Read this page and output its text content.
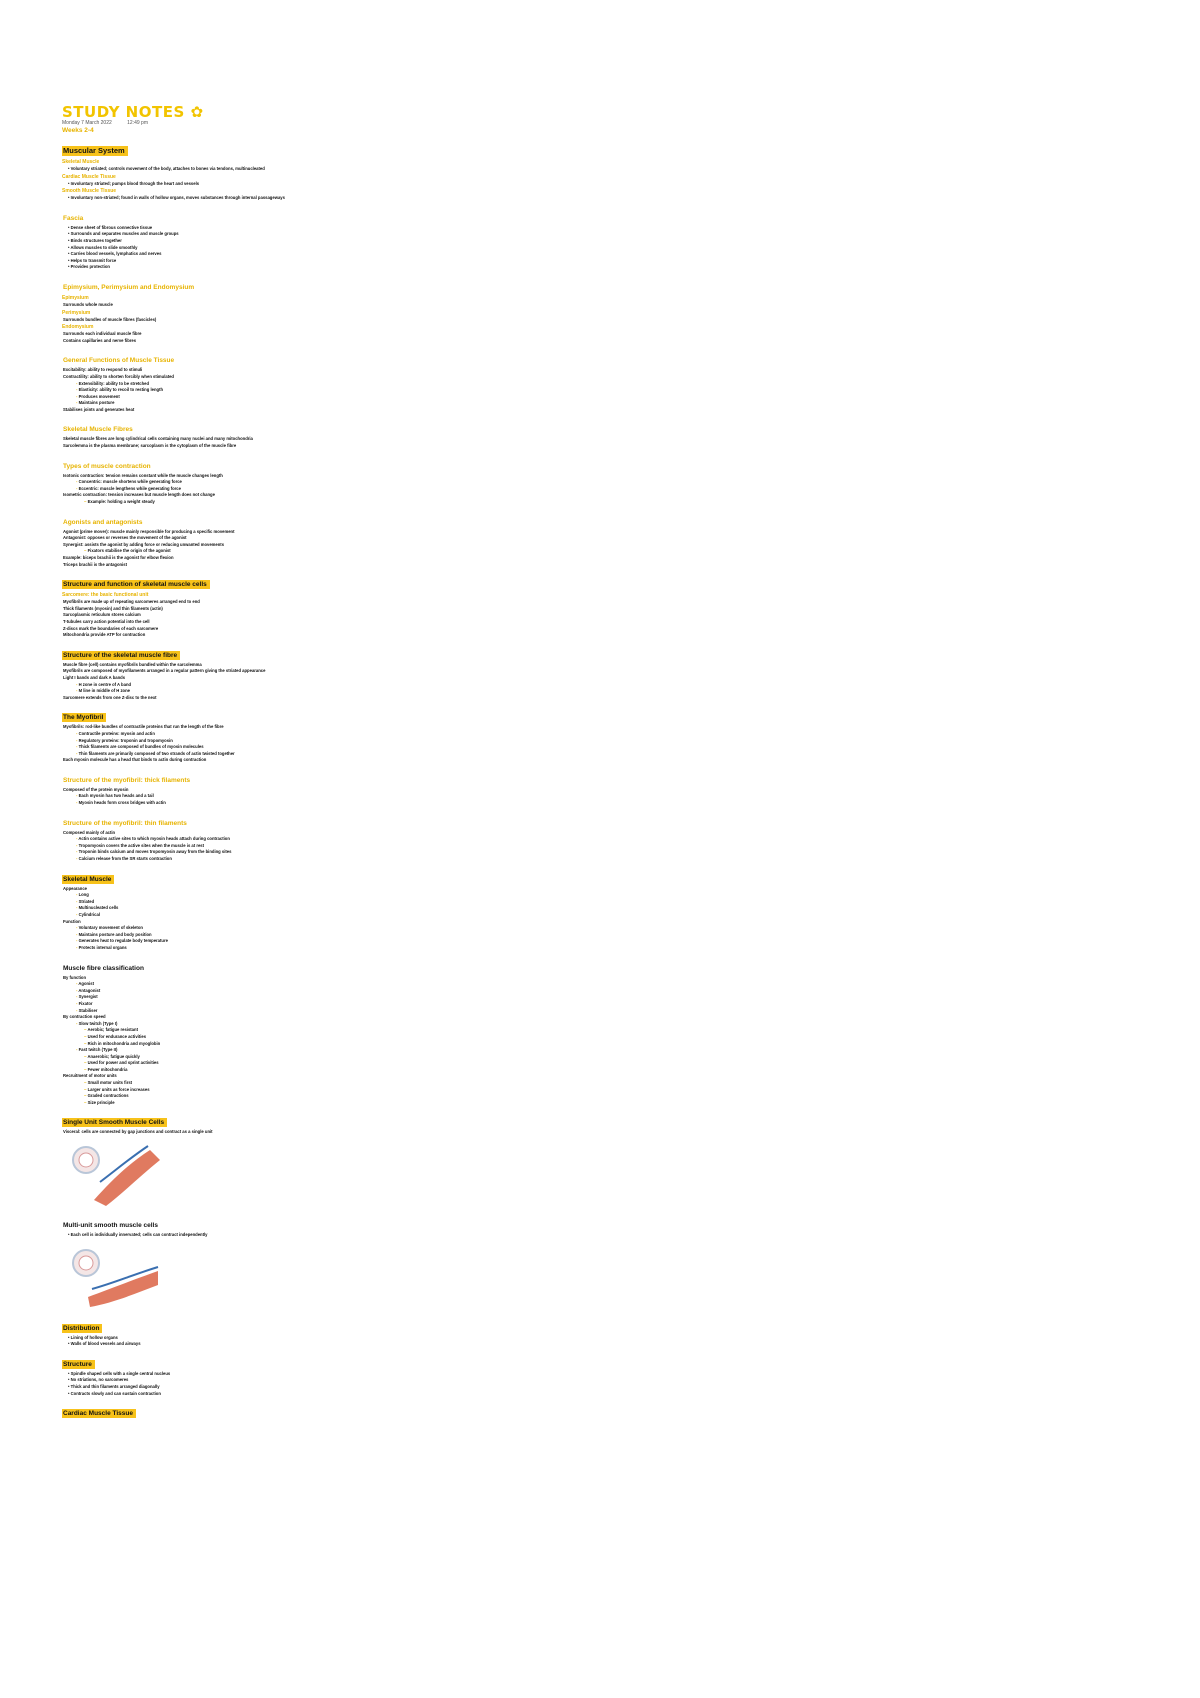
STUDY NOTES ✿
Monday 7 March 2022	12:49 pm
Weeks 2-4
Muscular System
Skeletal Muscle
• Voluntary striated; controls movement of the body, attaches to bones via tendons, multinucleated
Cardiac Muscle Tissue
• Involuntary striated; pumps blood through the heart and vessels
Smooth Muscle Tissue
• Involuntary non-striated; found in walls of hollow organs, moves substances through internal passageways
Fascia
• Dense sheet of fibrous connective tissue
• Surrounds and separates muscles and muscle groups
• Binds structures together
• Allows muscles to slide smoothly
• Carries blood vessels, lymphatics and nerves
• Helps to transmit force
• Provides protection
Epimysium, Perimysium and Endomysium
Epimysium
Surrounds whole muscle
Perimysium
Surrounds bundles of muscle fibres (fascicles)
Endomysium
Surrounds each individual muscle fibre
Contains capillaries and nerve fibres
General Functions of Muscle Tissue
Excitability: ability to respond to stimuli
Contractility: ability to shorten forcibly when stimulated
- Extensibility: ability to be stretched
- Elasticity: ability to recoil to resting length
- Produces movement
- Maintains posture
Stabilises joints and generates heat
Skeletal Muscle Fibres
Skeletal muscle fibres are long cylindrical cells containing many nuclei and many mitochondria
Sarcolemma is the plasma membrane; sarcoplasm is the cytoplasm of the muscle fibre
Types of muscle contraction
Isotonic contraction: tension remains constant while the muscle changes length
- Concentric: muscle shortens while generating force
- Eccentric: muscle lengthens while generating force
Isometric contraction: tension increases but muscle length does not change
~ Example: holding a weight steady
Agonists and antagonists
Agonist (prime mover): muscle mainly responsible for producing a specific movement
Antagonist: opposes or reverses the movement of the agonist
Synergist: assists the agonist by adding force or reducing unwanted movements
~ Fixators stabilise the origin of the agonist
Example: biceps brachii is the agonist for elbow flexion
Triceps brachii is the antagonist
Structure and function of skeletal muscle cells
Sarcomere: the basic functional unit
Myofibrils are made up of repeating sarcomeres arranged end to end
Thick filaments (myosin) and thin filaments (actin)
Sarcoplasmic reticulum stores calcium
T-tubules carry action potential into the cell
Z-discs mark the boundaries of each sarcomere
Mitochondria provide ATP for contraction
Structure of the skeletal muscle fibre
Muscle fibre (cell) contains myofibrils bundled within the sarcolemma
Myofibrils are composed of myofilaments arranged in a regular pattern giving the striated appearance
Light I bands and dark A bands
- H zone in centre of A band
- M line in middle of H zone
Sarcomere extends from one Z-disc to the next
The Myofibril
Myofibrils: rod-like bundles of contractile proteins that run the length of the fibre
- Contractile proteins: myosin and actin
- Regulatory proteins: troponin and tropomyosin
- Thick filaments are composed of bundles of myosin molecules
- Thin filaments are primarily composed of two strands of actin twisted together
Each myosin molecule has a head that binds to actin during contraction
Structure of the myofibril: thick filaments
Composed of the protein myosin
- Each myosin has two heads and a tail
- Myosin heads form cross bridges with actin
Structure of the myofibril: thin filaments
Composed mainly of actin
- Actin contains active sites to which myosin heads attach during contraction
- Tropomyosin covers the active sites when the muscle is at rest
- Troponin binds calcium and moves tropomyosin away from the binding sites
- Calcium release from the SR starts contraction
Skeletal Muscle
Appearance
- Long
- Striated
- Multinucleated cells
- Cylindrical
Function
- Voluntary movement of skeleton
- Maintains posture and body position
- Generates heat to regulate body temperature
- Protects internal organs
Muscle fibre classification
By function
- Agonist
- Antagonist
- Synergist
- Fixator
- Stabiliser
By contraction speed
- Slow twitch (Type I)
~ Aerobic; fatigue resistant
~ Used for endurance activities
~ Rich in mitochondria and myoglobin
- Fast twitch (Type II)
~ Anaerobic; fatigue quickly
~ Used for power and sprint activities
~ Fewer mitochondria
Recruitment of motor units
~ Small motor units first
~ Larger units as force increases
~ Graded contractions
~ Size principle
Single Unit Smooth Muscle Cells
Visceral: cells are connected by gap junctions and contract as a single unit
Multi-unit smooth muscle cells
• Each cell is individually innervated; cells can contract independently
Distribution
• Lining of hollow organs
• Walls of blood vessels and airways
Structure
• Spindle shaped cells with a single central nucleus
• No striations, no sarcomeres
• Thick and thin filaments arranged diagonally
• Contracts slowly and can sustain contraction
Cardiac Muscle Tissue
